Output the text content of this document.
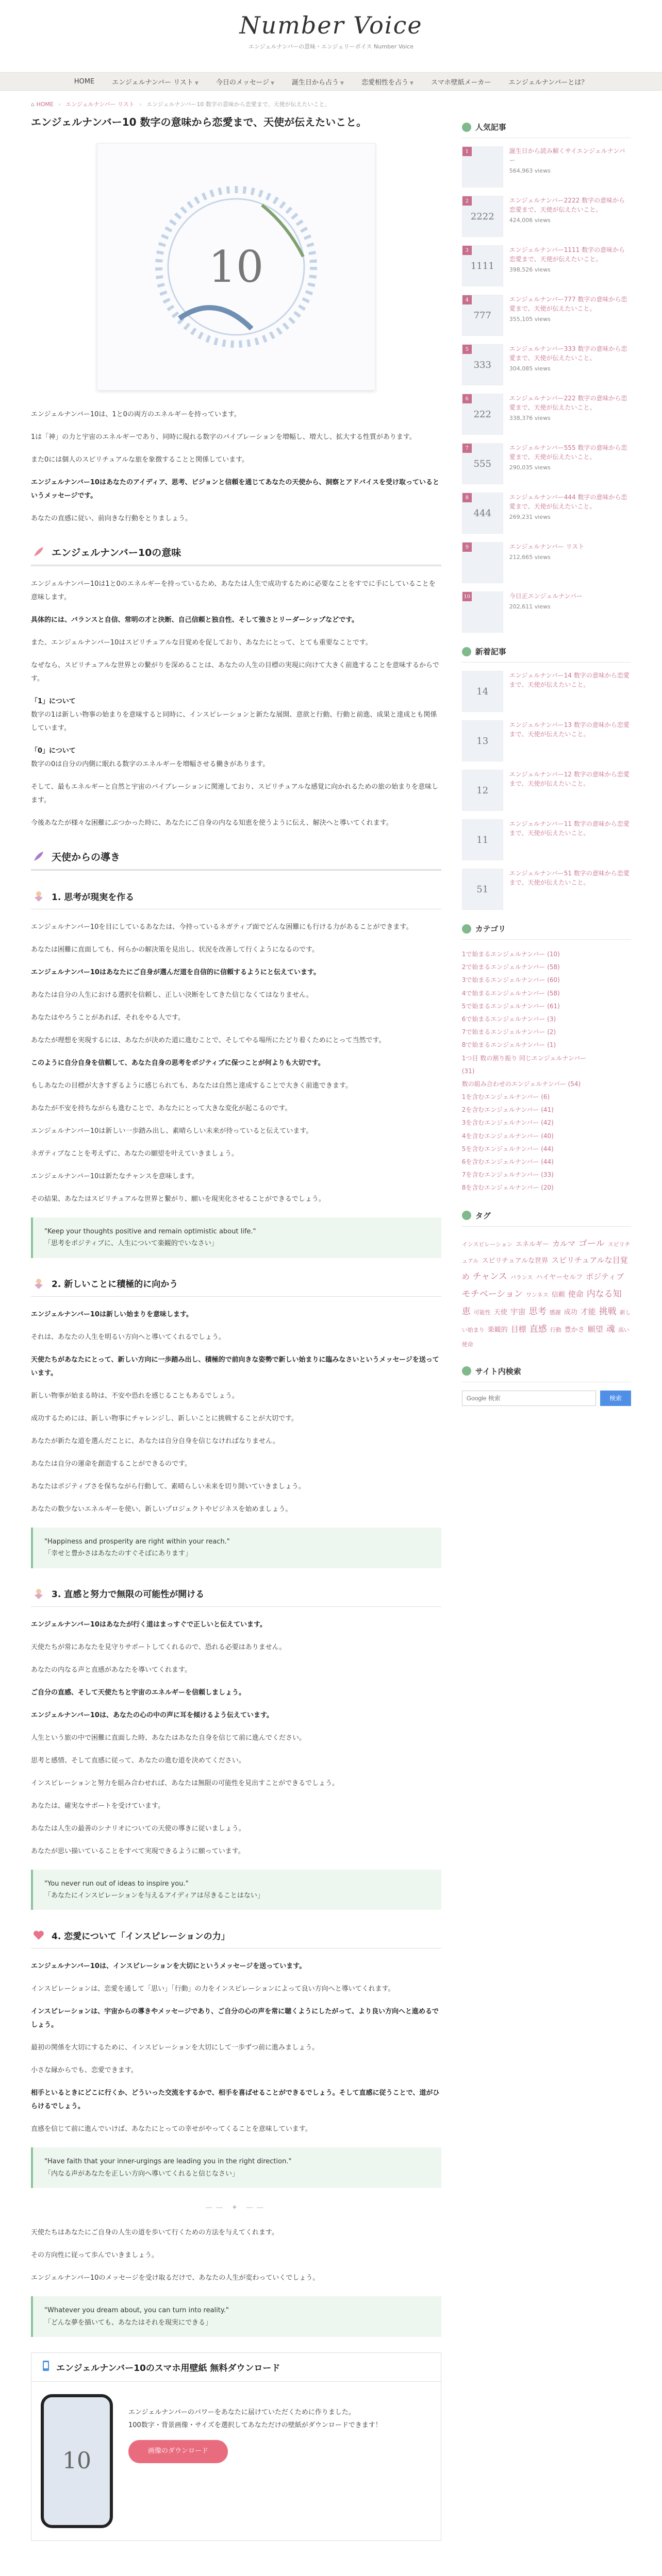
Number Voice
エンジェルナンバーの意味・エンジェリーボイス Number Voice
HOME	エンジェルナンバー リスト ▼	今日のメッセージ ▼	誕生日から占う ▼	恋愛相性を占う ▼	スマホ壁紙メーカー	エンジェルナンバーとは？
⌂ HOME › エンジェルナンバー リスト › エンジェルナンバー10 数字の意味から恋愛まで、天使が伝えたいこと。
エンジェルナンバー10 数字の意味から恋愛まで、天使が伝えたいこと。
10

エンジェルナンバー10は、1と0の両方のエネルギーを持っています。

1は「神」の力と宇宙のエネルギーであり、同時に現れる数字のバイブレーションを増幅し、増大し、拡大する性質があります。

また0には個人のスピリチュアルな旅を象徴することと関係しています。

エンジェルナンバー10はあなたのアイディア、思考、ビジョンと信頼を通じてあなたの天使から、洞察とアドバイスを受け取っているというメッセージです。

あなたの直感に従い、前向きな行動をとりましょう。

エンジェルナンバー10の意味

エンジェルナンバー10は1と0のエネルギーを持っているため、あなたは人生で成功するために必要なことをすでに手にしていることを意味します。

具体的には、バランスと自信、常明の才と決断、自己信頼と独自性、そして強さとリーダーシップなどです。

また、エンジェルナンバー10はスピリチュアルな目覚めを促しており、あなたにとって、とても重要なことです。

なぜなら、スピリチュアルな世界との繋がりを深めることは、あなたの人生の目標の実現に向けて大きく前進することを意味するからです。

「1」について

数字の1は新しい物事の始まりを意味すると同時に、インスピレーションと新たな展開、意欲と行動、行動と前進、成果と達成とも関係しています。

「0」について

数字の0は自分の内側に眠れる数字のエネルギーを増幅させる働きがあります。

そして、最もエネルギーと自然と宇宙のバイブレーションに関連しており、スピリチュアルな感覚に向かれるための旅の始まりを意味します。

今後あなたが様々な困難にぶつかった時に、あなたにご自身の内なる知恵を使うように伝え、解決へと導いてくれます。

天使からの導き
1. 思考が現実を作る

エンジェルナンバー10を目にしているあなたは、今持っているネガティブ面でどんな困難にも行ける力があることができます。

あなたは困難に直面しても、何らかの解決策を見出し、状況を改善して行くようになるのです。

エンジェルナンバー10はあなたにご自身が選んだ道を自信的に信頼するようにと伝えています。

あなたは自分の人生における選択を信頼し、正しい決断をしてきた信じなくてはなりません。

あなたはやろうことがあれば、それをやる人です。

あなたが理想を実現するには、あなたが決めた道に進むことで、そしてやる場所にたどり着くためにとって当然です。

このように自分自身を信頼して、あなた自身の思考をポジティブに保つことが何よりも大切です。

もしあなたの目標が大きすぎるように感じられても、あなたは自然と達成することで大きく前進できます。

あなたが不安を持ちながらも進むことで、あなたにとって大きな変化が起こるのです。

エンジェルナンバー10は新しい一歩踏み出し、素晴らしい未来が待っていると伝えています。

ネガティブなことを考えずに、あなたの願望を叶えていきましょう。

エンジェルナンバー10は新たなチャンスを意味します。

その結果、あなたはスピリチュアルな世界と繋がり、願いを現実化させることができるでしょう。

"Keep your thoughts positive and remain optimistic about life."
「思考をポジティブに、人生について楽観的でいなさい」
2. 新しいことに積極的に向かう

エンジェルナンバー10は新しい始まりを意味します。

それは、あなたの人生を明るい方向へと導いてくれるでしょう。

天使たちがあなたにとって、新しい方向に一歩踏み出し、積極的で前向きな姿勢で新しい始まりに臨みなさいというメッセージを送っています。

新しい物事が始まる時は、不安や恐れを感じることもあるでしょう。

成功するためには、新しい物事にチャレンジし、新しいことに挑戦することが大切です。

あなたが新たな道を選んだことに、あなたは自分自身を信じなければなりません。

あなたは自分の運命を創造することができるのです。

あなたはポジティブさを保ちながら行動して、素晴らしい未来を切り開いていきましょう。

あなたの数少ないエネルギーを使い、新しいプロジェクトやビジネスを始めましょう。

"Happiness and prosperity are right within your reach."
「幸せと豊かさはあなたのすぐそばにあります」
3. 直感と努力で無限の可能性が開ける

エンジェルナンバー10はあなたが行く道はまっすぐで正しいと伝えています。

天使たちが常にあなたを見守りサポートしてくれるので、恐れる必要はありません。

あなたの内なる声と直感があなたを導いてくれます。

ご自分の直感、そして天使たちと宇宙のエネルギーを信頼しましょう。

エンジェルナンバー10は、あなたの心の中の声に耳を傾けるよう伝えています。

人生という旅の中で困難に直面した時、あなたはあなた自身を信じて前に進んでください。

思考と感情、そして直感に従って、あなたの進む道を決めてください。

インスピレーションと努力を組み合わせれば、あなたは無限の可能性を見出すことができるでしょう。

あなたは、確実なサポートを受けています。

あなたは人生の最善のシナリオについての天使の導きに従いましょう。

あなたが思い描いていることをすべて実現できるように願っています。

"You never run out of ideas to inspire you."
「あなたにインスピレーションを与えるアイディアは尽きることはない」
4. 恋愛について「インスピレーションの力」

エンジェルナンバー10は、インスピレーションを大切にというメッセージを送っています。

インスピレーションは、恋愛を通して「思い」「行動」の力をインスピレーションによって良い方向へと導いてくれます。

インスピレーションは、宇宙からの導きやメッセージであり、ご自分の心の声を常に聴くようにしたがって、より良い方向へと進めるでしょう。

最初の関係を大切にするために、インスピレーションを大切にして一歩ずつ前に進みましょう。

小さな縁からでも、恋愛できます。

相手といるときにどこに行くか、どういった交流をするかで、相手を喜ばせることができるでしょう。そして直感に従うことで、道がひらけるでしょう。

直感を信じて前に進んでいけば、あなたにとっての幸せがやってくることを意味しています。

"Have faith that your inner-urgings are leading you in the right direction."
「内なる声があなたを正しい方向へ導いてくれると信じなさい」
—— ✦ ——

天使たちはあなたにご自身の人生の道を歩いて行くための方法を与えてくれます。

その方向性に従って歩んでいきましょう。

エンジェルナンバー10のメッセージを受け取るだけで、あなたの人生が変わっていくでしょう。

"Whatever you dream about, you can turn into reality."
「どんな夢を描いても、あなたはそれを現実にできる」
エンジェルナンバー10のスマホ用壁紙 無料ダウンロード
10
エンジェルナンバーのパワーをあなたに届けていただくために作りました。
100数字・背景画像・サイズを選択してあなただけの壁紙がダウンロードできます！
画像のダウンロード
人気記事
1	誕生日から読み解くサイエンジェルナンバー
564,963 views
2
2222
エンジェルナンバー2222 数字の意味から恋愛まで、天使が伝えたいこと。
424,006 views
3
1111
エンジェルナンバー1111 数字の意味から恋愛まで、天使が伝えたいこと。
398,526 views
4
777
エンジェルナンバー777 数字の意味から恋愛まで、天使が伝えたいこと。
355,105 views
5
333
エンジェルナンバー333 数字の意味から恋愛まで、天使が伝えたいこと。
304,085 views
6
222
エンジェルナンバー222 数字の意味から恋愛まで、天使が伝えたいこと。
338,376 views
7
555
エンジェルナンバー555 数字の意味から恋愛まで、天使が伝えたいこと。
290,035 views
8
444
エンジェルナンバー444 数字の意味から恋愛まで、天使が伝えたいこと。
269,231 views
9	エンジェルナンバー リスト
212,665 views
10	今日正エンジェルナンバー
202,611 views
新着記事
14
エンジェルナンバー14 数字の意味から恋愛まで、天使が伝えたいこと。
13
エンジェルナンバー13 数字の意味から恋愛まで、天使が伝えたいこと。
12
エンジェルナンバー12 数字の意味から恋愛まで、天使が伝えたいこと。
11
エンジェルナンバー11 数字の意味から恋愛まで、天使が伝えたいこと。
51
エンジェルナンバー51 数字の意味から恋愛まで、天使が伝えたいこと。
カテゴリ
1で始まるエンジェルナンバー (10)
2で始まるエンジェルナンバー (58)
3で始まるエンジェルナンバー (60)
4で始まるエンジェルナンバー (58)
5で始まるエンジェルナンバー (61)
6で始まるエンジェルナンバー (3)
7で始まるエンジェルナンバー (2)
8で始まるエンジェルナンバー (1)
1つ目 数の割り振り 同じエンジェルナンバー
(31)
数の組み合わせのエンジェルナンバー (54)
1を含むエンジェルナンバー (6)
2を含むエンジェルナンバー (41)
3を含むエンジェルナンバー (42)
4を含むエンジェルナンバー (40)
5を含むエンジェルナンバー (44)
6を含むエンジェルナンバー (44)
7を含むエンジェルナンバー (33)
8を含むエンジェルナンバー (20)
タグ
インスピレーション エネルギー カルマ ゴール スピリチュアル スピリチュアルな世界 スピリチュアルな目覚め チャンス バランス ハイヤーセルフ ポジティブモチベーション ワンネス 信頼 使命 内なる知恵 可能性 天使 宇宙 思考 感謝 成功 才能 挑戦 新しい始まり 楽観的 目標 直感 行動 豊かさ 願望 魂 高い使命
サイト内検索
Google 検索
検索
